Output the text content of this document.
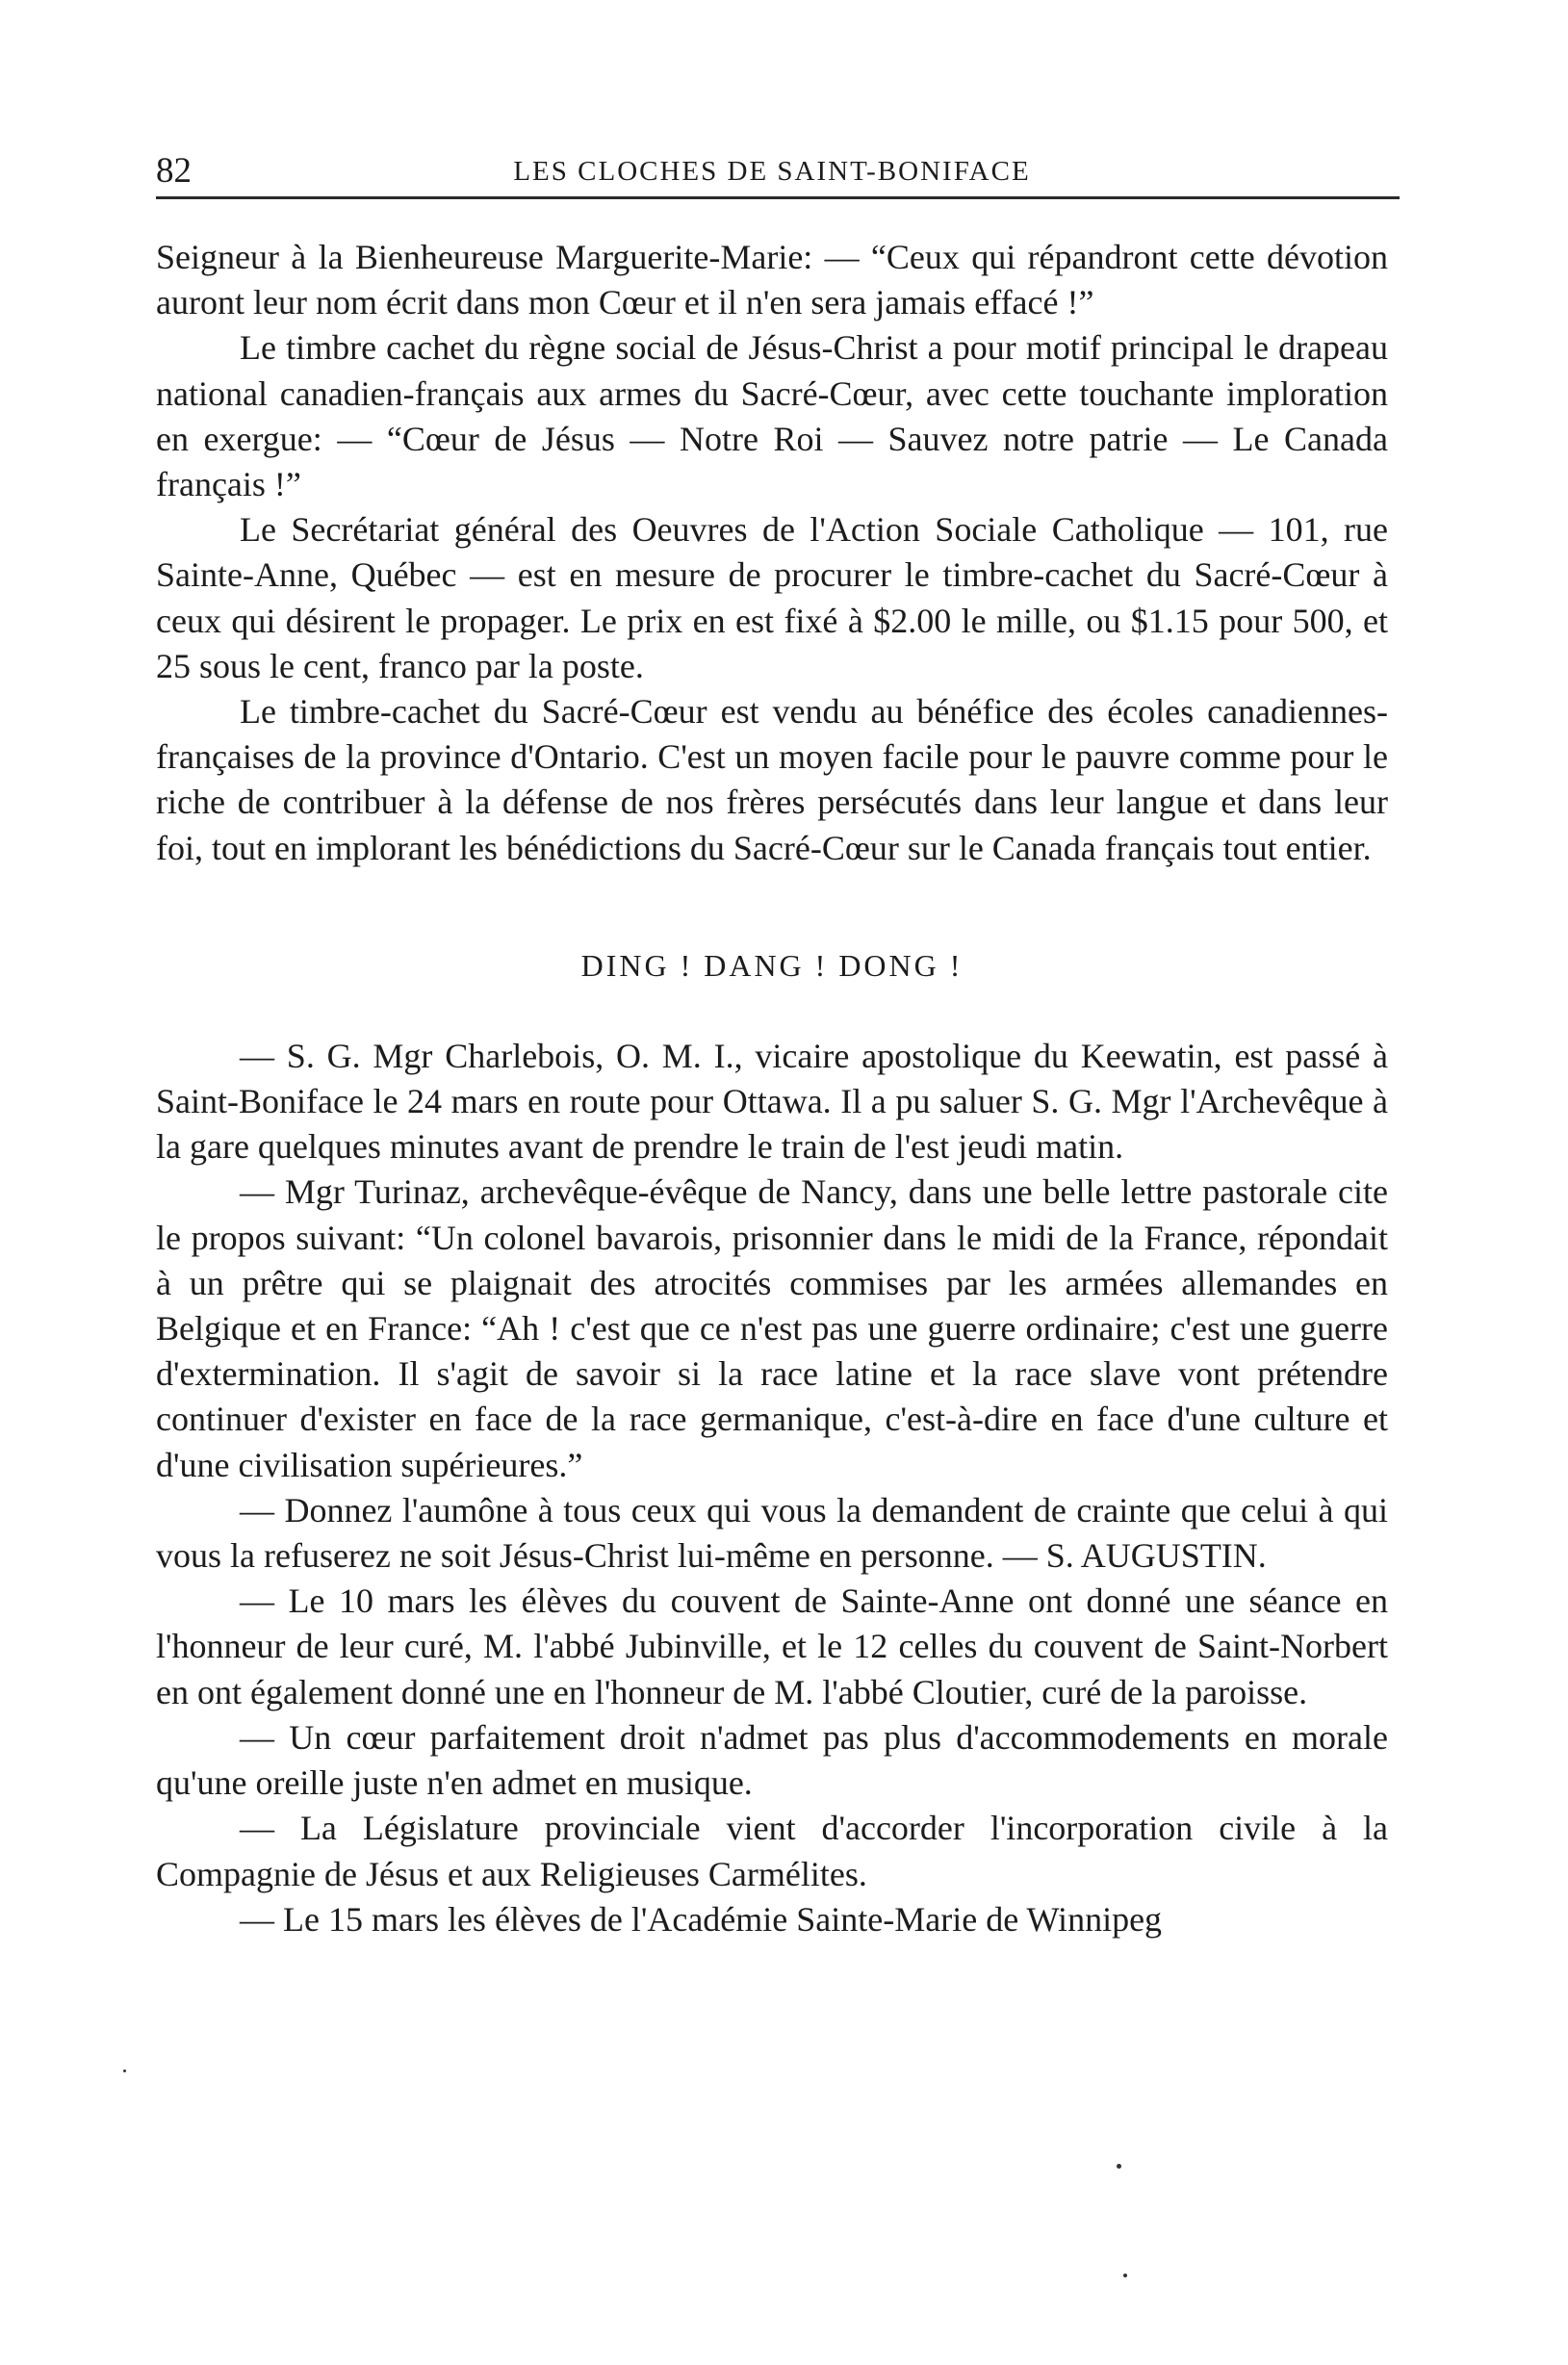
82	LES CLOCHES DE SAINT-BONIFACE

Seigneur à la Bienheureuse Marguerite-Marie: — “Ceux qui répandront cette dévotion auront leur nom écrit dans mon Cœur et il n'en sera jamais effacé !”

Le timbre cachet du règne social de Jésus-Christ a pour motif principal le drapeau national canadien-français aux armes du Sacré-Cœur, avec cette touchante imploration en exergue: — “Cœur de Jésus — Notre Roi — Sauvez notre patrie — Le Canada français !”

Le Secrétariat général des Oeuvres de l'Action Sociale Catholique — 101, rue Sainte-Anne, Québec — est en mesure de procurer le timbre-cachet du Sacré-Cœur à ceux qui désirent le propager. Le prix en est fixé à $2.00 le mille, ou $1.15 pour 500, et 25 sous le cent, franco par la poste.

Le timbre-cachet du Sacré-Cœur est vendu au bénéfice des écoles canadiennes-françaises de la province d'Ontario. C'est un moyen facile pour le pauvre comme pour le riche de contribuer à la défense de nos frères persécutés dans leur langue et dans leur foi, tout en implorant les bénédictions du Sacré-Cœur sur le Canada français tout entier.

DING ! DANG ! DONG !

— S. G. Mgr Charlebois, O. M. I., vicaire apostolique du Keewatin, est passé à Saint-Boniface le 24 mars en route pour Ottawa. Il a pu saluer S. G. Mgr l'Archevêque à la gare quelques minutes avant de prendre le train de l'est jeudi matin.

— Mgr Turinaz, archevêque-évêque de Nancy, dans une belle lettre pastorale cite le propos suivant: “Un colonel bavarois, prisonnier dans le midi de la France, répondait à un prêtre qui se plaignait des atrocités commises par les armées allemandes en Belgique et en France: “Ah ! c'est que ce n'est pas une guerre ordinaire; c'est une guerre d'extermination. Il s'agit de savoir si la race latine et la race slave vont prétendre continuer d'exister en face de la race germanique, c'est-à-dire en face d'une culture et d'une civilisation supérieures.”

— Donnez l'aumône à tous ceux qui vous la demandent de crainte que celui à qui vous la refuserez ne soit Jésus-Christ lui-même en personne. — S. AUGUSTIN.

— Le 10 mars les élèves du couvent de Sainte-Anne ont donné une séance en l'honneur de leur curé, M. l'abbé Jubinville, et le 12 celles du couvent de Saint-Norbert en ont également donné une en l'honneur de M. l'abbé Cloutier, curé de la paroisse.

— Un cœur parfaitement droit n'admet pas plus d'accommodements en morale qu'une oreille juste n'en admet en musique.

— La Législature provinciale vient d'accorder l'incorporation civile à la Compagnie de Jésus et aux Religieuses Carmélites.

— Le 15 mars les élèves de l'Académie Sainte-Marie de Winnipeg
